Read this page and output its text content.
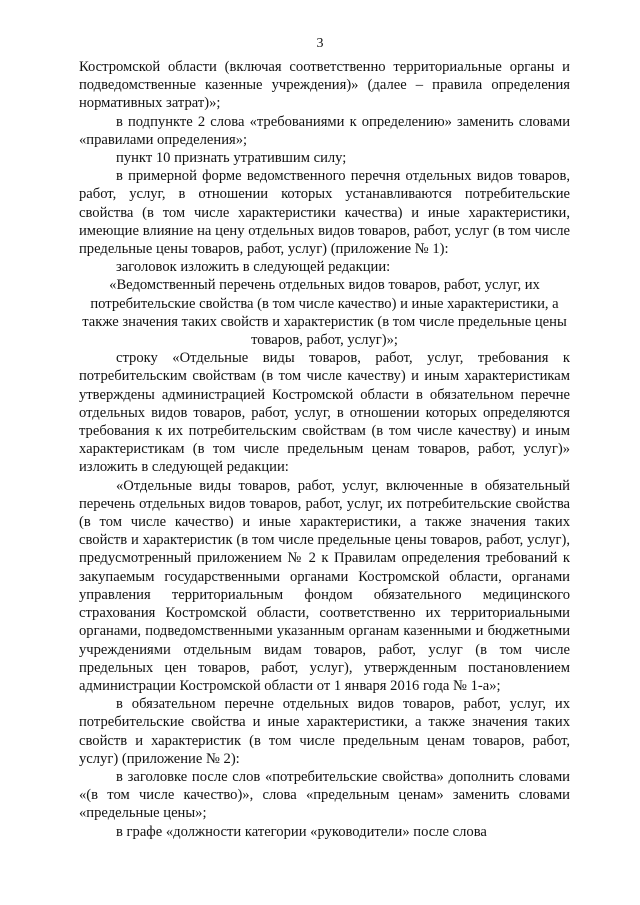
3

Костромской области (включая соответственно территориальные органы и подведомственные казенные учреждения)» (далее – правила определения нормативных затрат)»;

в подпункте 2 слова «требованиями к определению» заменить словами «правилами определения»;

пункт 10 признать утратившим силу;

в примерной форме ведомственного перечня отдельных видов товаров, работ, услуг, в отношении которых устанавливаются потребительские свойства (в том числе характеристики качества) и иные характеристики, имеющие влияние на цену отдельных видов товаров, работ, услуг (в том числе предельные цены товаров, работ, услуг) (приложение № 1):

заголовок изложить в следующей редакции:

«Ведомственный перечень отдельных видов товаров, работ, услуг, их потребительские свойства (в том числе качество) и иные характеристики, а также значения таких свойств и характеристик (в том числе предельные цены товаров, работ, услуг)»;

строку «Отдельные виды товаров, работ, услуг, требования к потребительским свойствам (в том числе качеству) и иным характеристикам утверждены администрацией Костромской области в обязательном перечне отдельных видов товаров, работ, услуг, в отношении которых определяются требования к их потребительским свойствам (в том числе качеству) и иным характеристикам (в том числе предельным ценам товаров, работ, услуг)» изложить в следующей редакции:

«Отдельные виды товаров, работ, услуг, включенные в обязательный перечень отдельных видов товаров, работ, услуг, их потребительские свойства (в том числе качество) и иные характеристики, а также значения таких свойств и характеристик (в том числе предельные цены товаров, работ, услуг), предусмотренный приложением № 2 к Правилам определения требований к закупаемым государственными органами Костромской области, органами управления территориальным фондом обязательного медицинского страхования Костромской области, соответственно их территориальными органами, подведомственными указанным органам казенными и бюджетными учреждениями отдельным видам товаров, работ, услуг (в том числе предельных цен товаров, работ, услуг), утвержденным постановлением администрации Костромской области от 1 января 2016 года № 1-а»;

в обязательном перечне отдельных видов товаров, работ, услуг, их потребительские свойства и иные характеристики, а также значения таких свойств и характеристик (в том числе предельным ценам товаров, работ, услуг) (приложение № 2):

в заголовке после слов «потребительские свойства» дополнить словами «(в том числе качество)», слова «предельным ценам» заменить словами «предельные цены»;

в графе «должности категории «руководители» после слова
